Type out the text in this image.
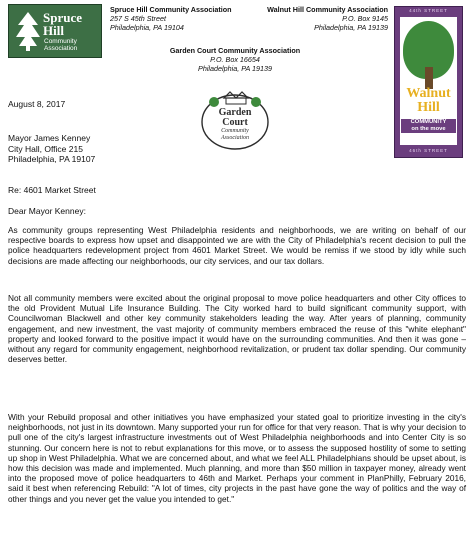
Spruce Hill
Community
Association
Spruce Hill Community Association
257 S 45th Street
Philadelphia, PA 19104
Walnut Hill Community Association
P.O. Box 9145
Philadelphia, PA 19139
44th STREET
Walnut
Hill
COMMUNITY
on the move
46th STREET
Garden Court Community Association
P.O. Box 16654
Philadelphia, PA 19139
Garden
Court
Community
Association
August 8, 2017
Mayor James Kenney
City Hall, Office 215
Philadelphia, PA 19107
Re: 4601 Market Street
Dear Mayor Kenney:
As community groups representing West Philadelphia residents and neighborhoods, we are writing on behalf of our respective boards to express how upset and disappointed we are with the City of Philadelphia's recent decision to pull the police headquarters redevelopment project from 4601 Market Street. We would be remiss if we stood by idly while such decisions are made affecting our neighborhoods, our city services, and our tax dollars.
Not all community members were excited about the original proposal to move police headquarters and other City offices to the old Provident Mutual Life Insurance Building. The City worked hard to build significant community support, with Councilwoman Blackwell and other key community stakeholders leading the way. After years of planning, community engagement, and new investment, the vast majority of community members embraced the reuse of this "white elephant" property and looked forward to the positive impact it would have on the surrounding communities. And then it was gone – without any regard for community engagement, neighborhood revitalization, or prudent tax dollar spending. Our community deserves better.
With your Rebuild proposal and other initiatives you have emphasized your stated goal to prioritize investing in the city's neighborhoods, not just in its downtown. Many supported your run for office for that very reason. That is why your decision to pull one of the city's largest infrastructure investments out of West Philadelphia neighborhoods and into Center City is so stunning. Our concern here is not to rebut explanations for this move, or to assess the supposed hostility of some to setting up shop in West Philadelphia. What we are concerned about, and what we feel ALL Philadelphians should be upset about, is how this decision was made and implemented. Much planning, and more than $50 million in taxpayer money, already went into the proposed move of police headquarters to 46th and Market. Perhaps your comment in PlanPhilly, February 2016, said it best when referencing Rebuild: "A lot of times, city projects in the past have gone the way of politics and the way of other things and you never get the value you intended to get."
